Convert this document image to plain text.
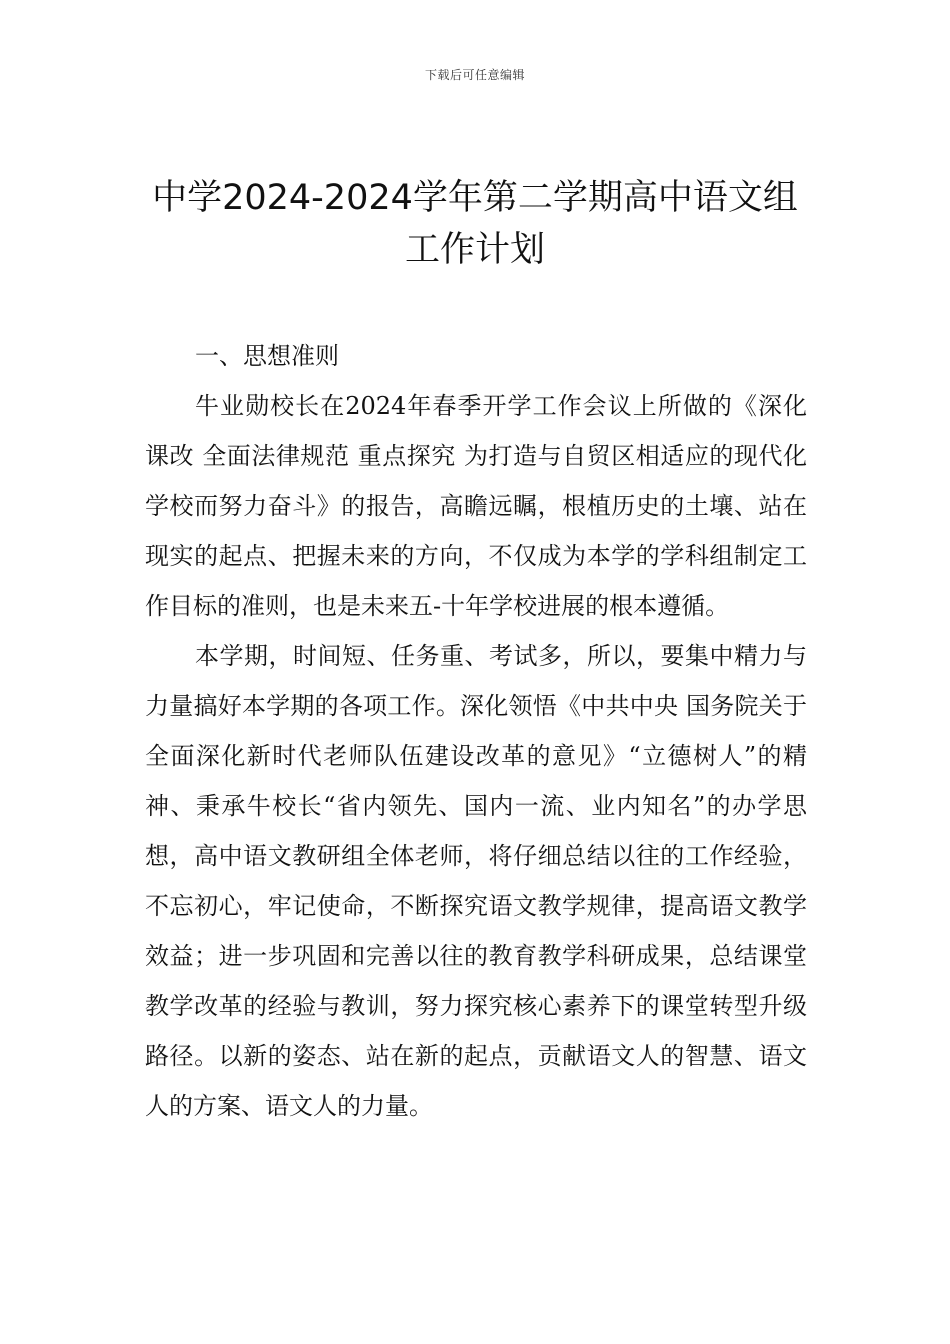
下载后可任意编辑
中学2024-2024学年第二学期高中语文组
工作计划

一、思想准则

牛业勋校长在2024年春季开学工作会议上所做的《深化课改 全面法律规范 重点探究 为打造与自贸区相适应的现代化学校而努力奋斗》的报告，高瞻远瞩，根植历史的土壤、站在现实的起点、把握未来的方向，不仅成为本学的学科组制定工作目标的准则，也是未来五-十年学校进展的根本遵循。

本学期，时间短、任务重、考试多，所以，要集中精力与力量搞好本学期的各项工作。深化领悟《中共中央 国务院关于全面深化新时代老师队伍建设改革的意见》“立德树人”的精神、秉承牛校长“省内领先、国内一流、业内知名”的办学思想，高中语文教研组全体老师，将仔细总结以往的工作经验，不忘初心，牢记使命，不断探究语文教学规律，提高语文教学效益；进一步巩固和完善以往的教育教学科研成果，总结课堂教学改革的经验与教训，努力探究核心素养下的课堂转型升级路径。以新的姿态、站在新的起点，贡献语文人的智慧、语文人的方案、语文人的力量。
